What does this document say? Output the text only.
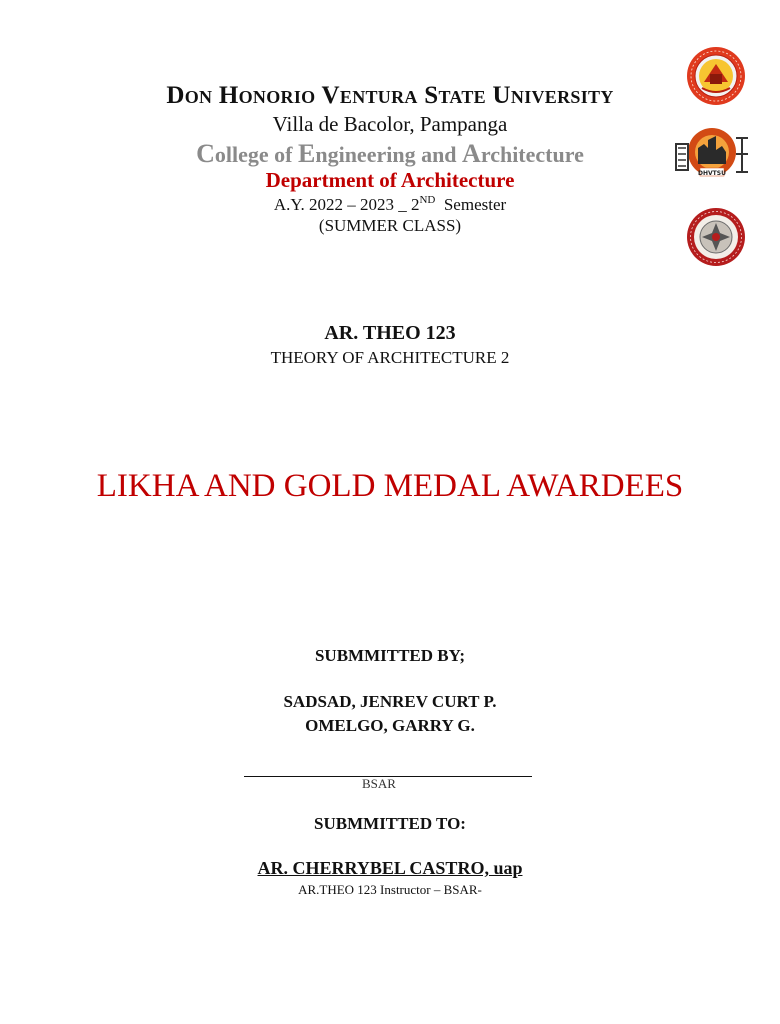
Don Honorio Ventura State University
Villa de Bacolor, Pampanga
College of Engineering and Architecture
Department of Architecture
A.Y. 2022 – 2023 _ 2ND  Semester
(SUMMER CLASS)
DHVTSU
AR. THEO 123
THEORY OF ARCHITECTURE 2
LIKHA AND GOLD MEDAL AWARDEES
SUBMMITTED BY;
SADSAD, JENREV CURT P.
OMELGO, GARRY G.
BSAR
SUBMMITTED TO:
AR. CHERRYBEL CASTRO, uap
AR.THEO 123 Instructor – BSAR-
